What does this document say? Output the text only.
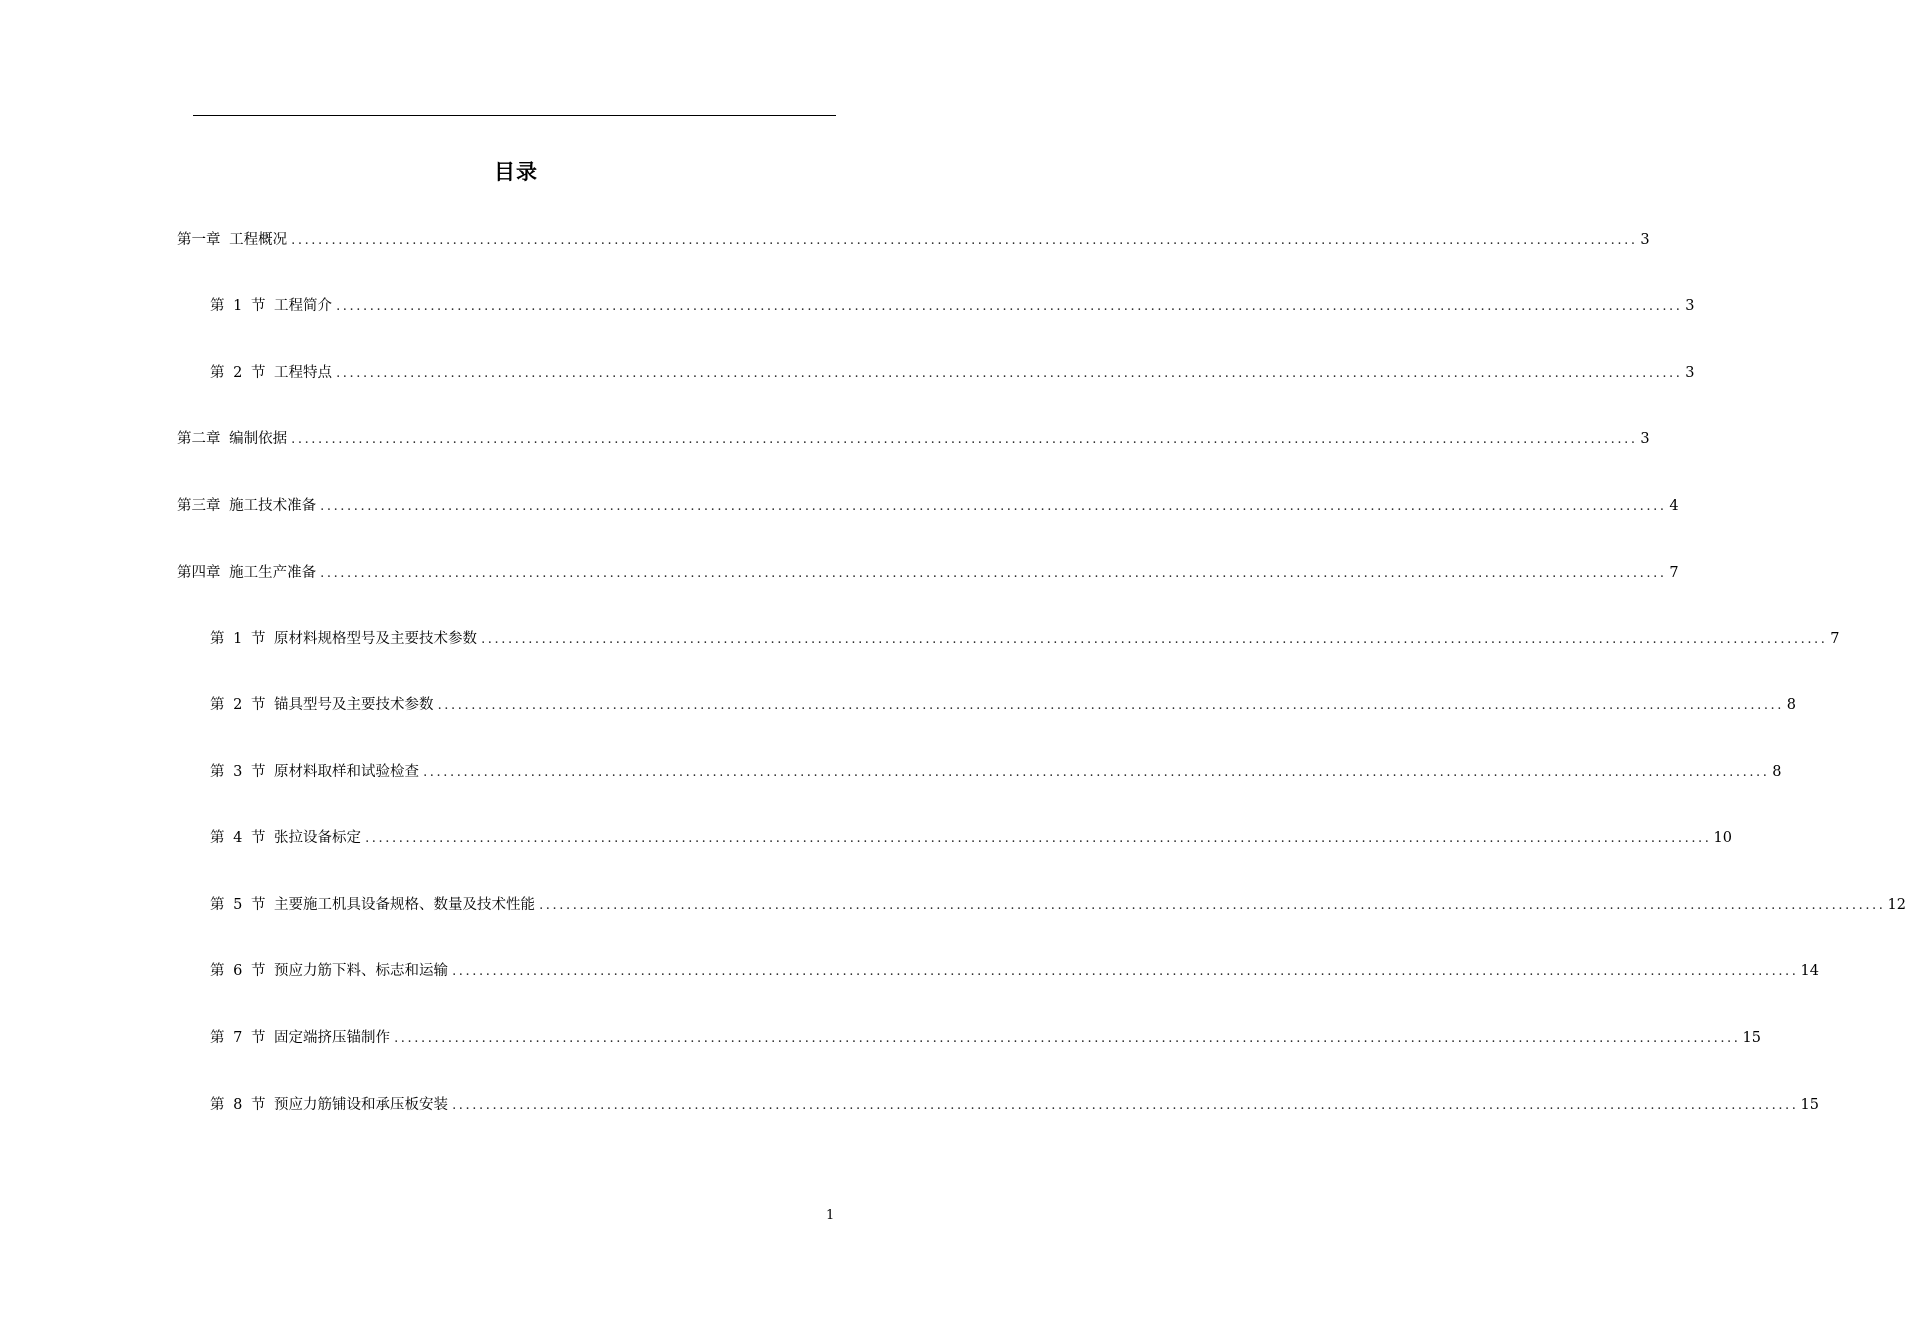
目录
第一章 工程概况 ........................................................................................................................................................................................................ 3
第 1 节 工程简介 ........................................................................................................................................................................................................ 3
第 2 节 工程特点 ........................................................................................................................................................................................................ 3
第二章 编制依据 ........................................................................................................................................................................................................ 3
第三章 施工技术准备 ........................................................................................................................................................................................................ 4
第四章 施工生产准备 ........................................................................................................................................................................................................ 7
第 1 节 原材料规格型号及主要技术参数 ........................................................................................................................................................................................................ 7
第 2 节 锚具型号及主要技术参数 ........................................................................................................................................................................................................ 8
第 3 节 原材料取样和试验检查 ........................................................................................................................................................................................................ 8
第 4 节 张拉设备标定 ........................................................................................................................................................................................................ 10
第 5 节 主要施工机具设备规格、数量及技术性能 ........................................................................................................................................................................................................ 12
第 6 节 预应力筋下料、标志和运输 ........................................................................................................................................................................................................ 14
第 7 节 固定端挤压锚制作 ........................................................................................................................................................................................................ 15
第 8 节 预应力筋铺设和承压板安装 ........................................................................................................................................................................................................ 15
1
